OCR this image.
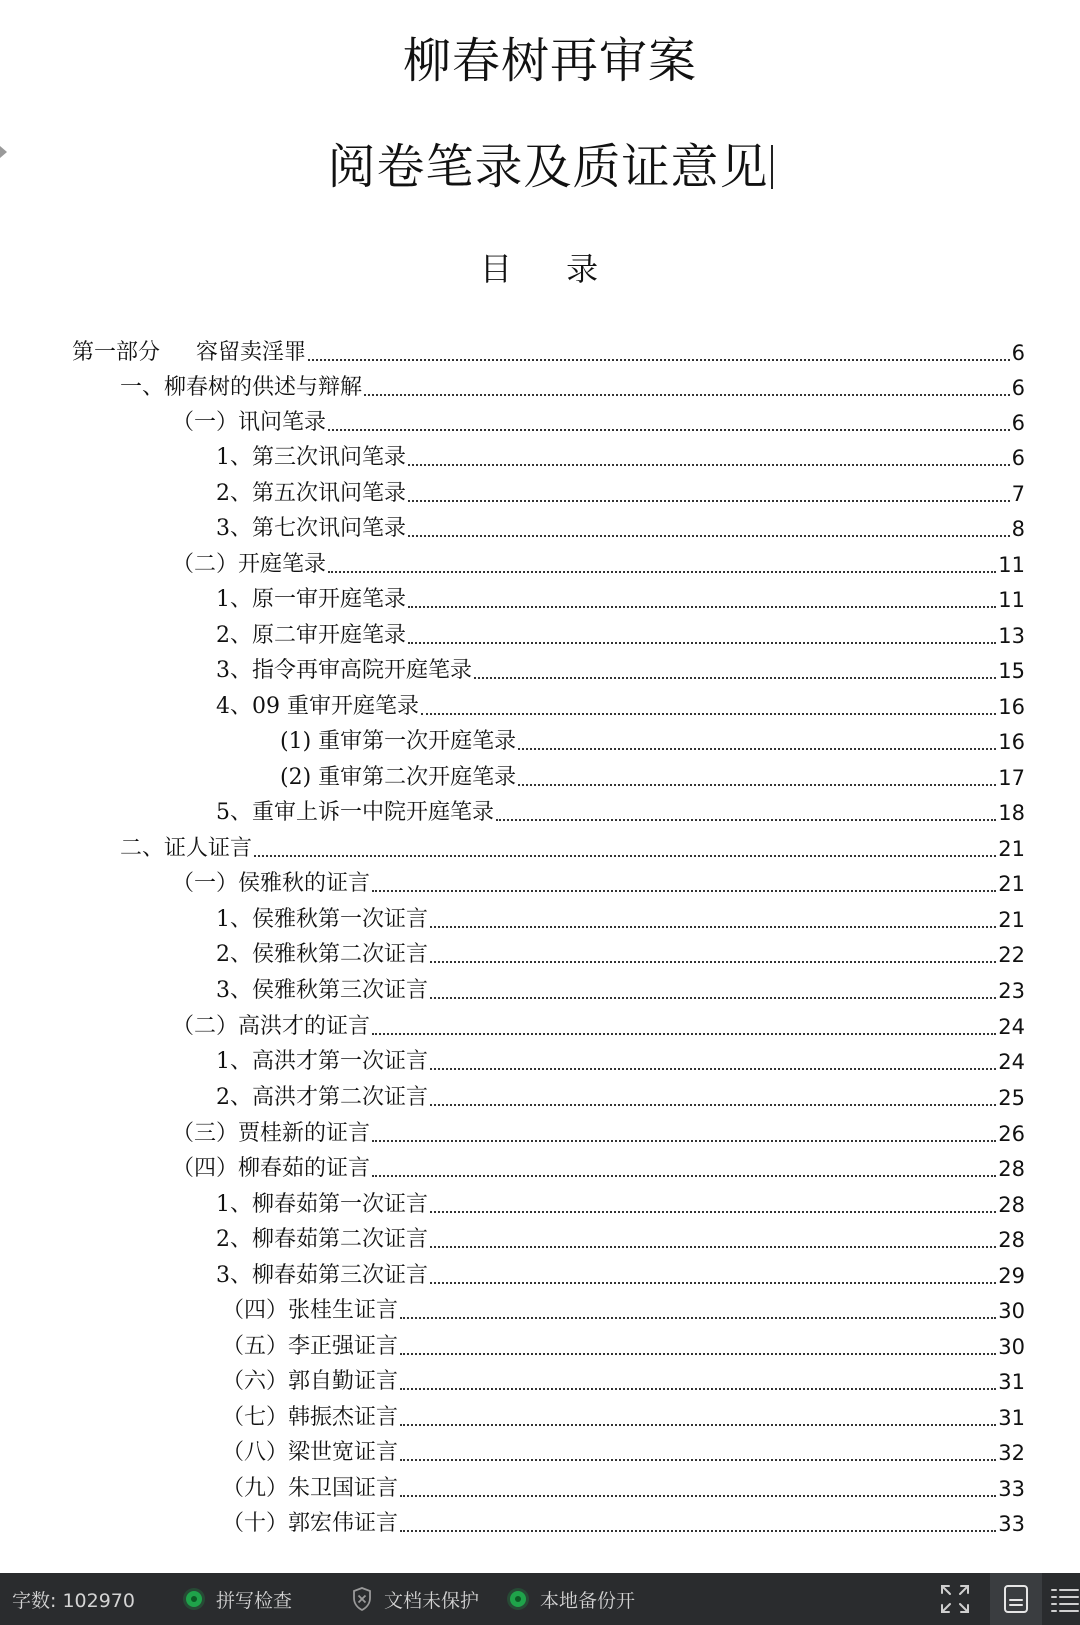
柳春树再审案
阅卷笔录及质证意见
目 录
第一部分 容留卖淫罪	6
一、柳春树的供述与辩解	6
（一）讯问笔录	6
1、第三次讯问笔录	6
2、第五次讯问笔录	7
3、第七次讯问笔录	8
（二）开庭笔录	11
1、原一审开庭笔录	11
2、原二审开庭笔录	13
3、指令再审高院开庭笔录	15
4、09 重审开庭笔录	16
(1) 重审第一次开庭笔录	16
(2) 重审第二次开庭笔录	17
5、重审上诉一中院开庭笔录	18
二、证人证言	21
（一）侯雅秋的证言	21
1、侯雅秋第一次证言	21
2、侯雅秋第二次证言	22
3、侯雅秋第三次证言	23
（二）高洪才的证言	24
1、高洪才第一次证言	24
2、高洪才第二次证言	25
（三）贾桂新的证言	26
（四）柳春茹的证言	28
1、柳春茹第一次证言	28
2、柳春茹第二次证言	28
3、柳春茹第三次证言	29
（四）张桂生证言	30
（五）李正强证言	30
（六）郭自勤证言	31
（七）韩振杰证言	31
（八）梁世宽证言	32
（九）朱卫国证言	33
（十）郭宏伟证言	33
字数: 102970	拼写检查	文档未保护	本地备份开
